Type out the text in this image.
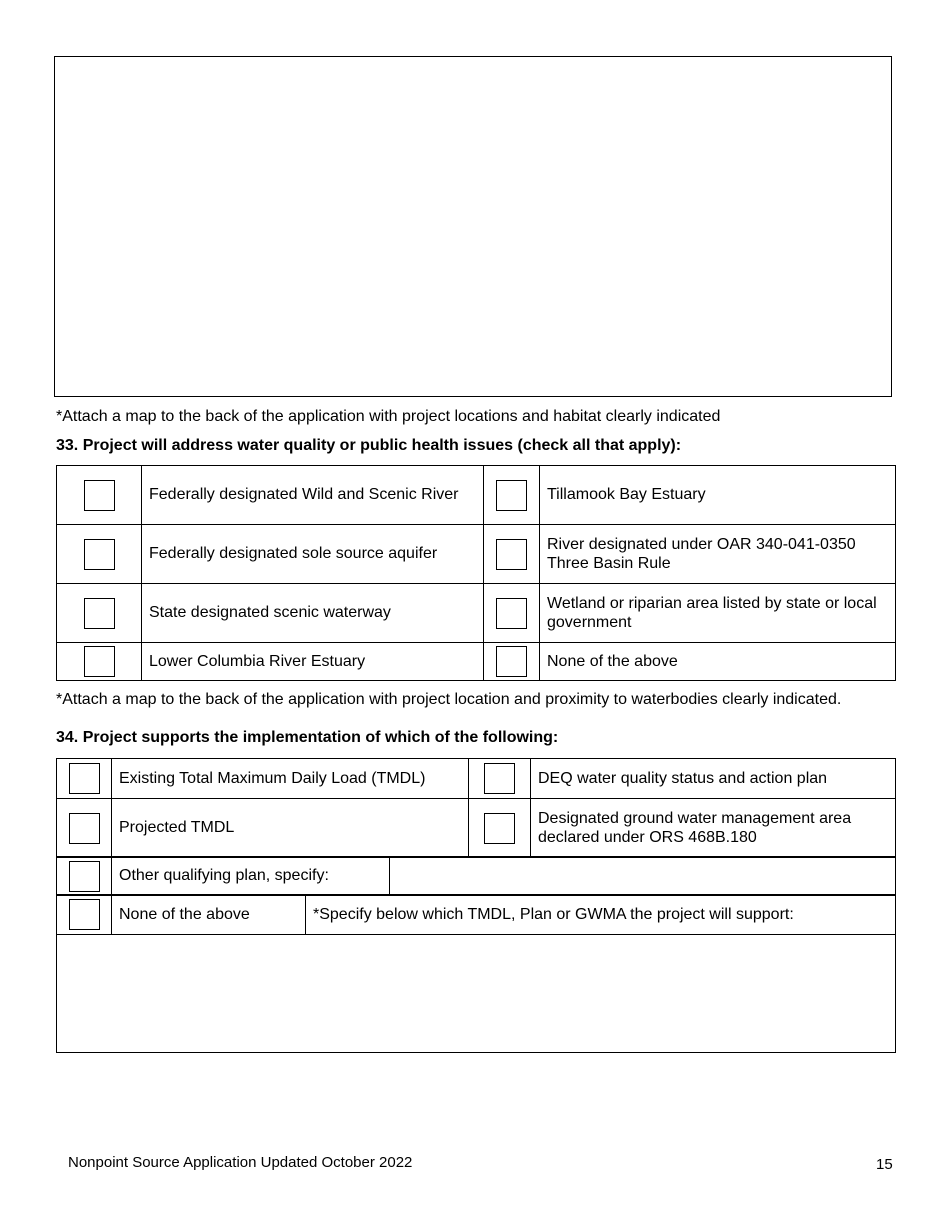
*Attach a map to the back of the application with project locations and habitat clearly indicated
33. Project will address water quality or public health issues (check all that apply):
	Federally designated Wild and Scenic River		Tillamook Bay Estuary
	Federally designated sole source aquifer		River designated under OAR 340-041-0350 Three Basin Rule
	State designated scenic waterway		Wetland or riparian area listed by state or local government
	Lower Columbia River Estuary		None of the above
*Attach a map to the back of the application with project location and proximity to waterbodies clearly indicated.
34. Project supports the implementation of which of the following:
	Existing Total Maximum Daily Load (TMDL)		DEQ water quality status and action plan
	Projected TMDL		Designated ground water management area declared under ORS 468B.180
	Other qualifying plan, specify:	
	None of the above	*Specify below which TMDL, Plan or GWMA the project will support:

Nonpoint Source Application Updated October 2022	15
